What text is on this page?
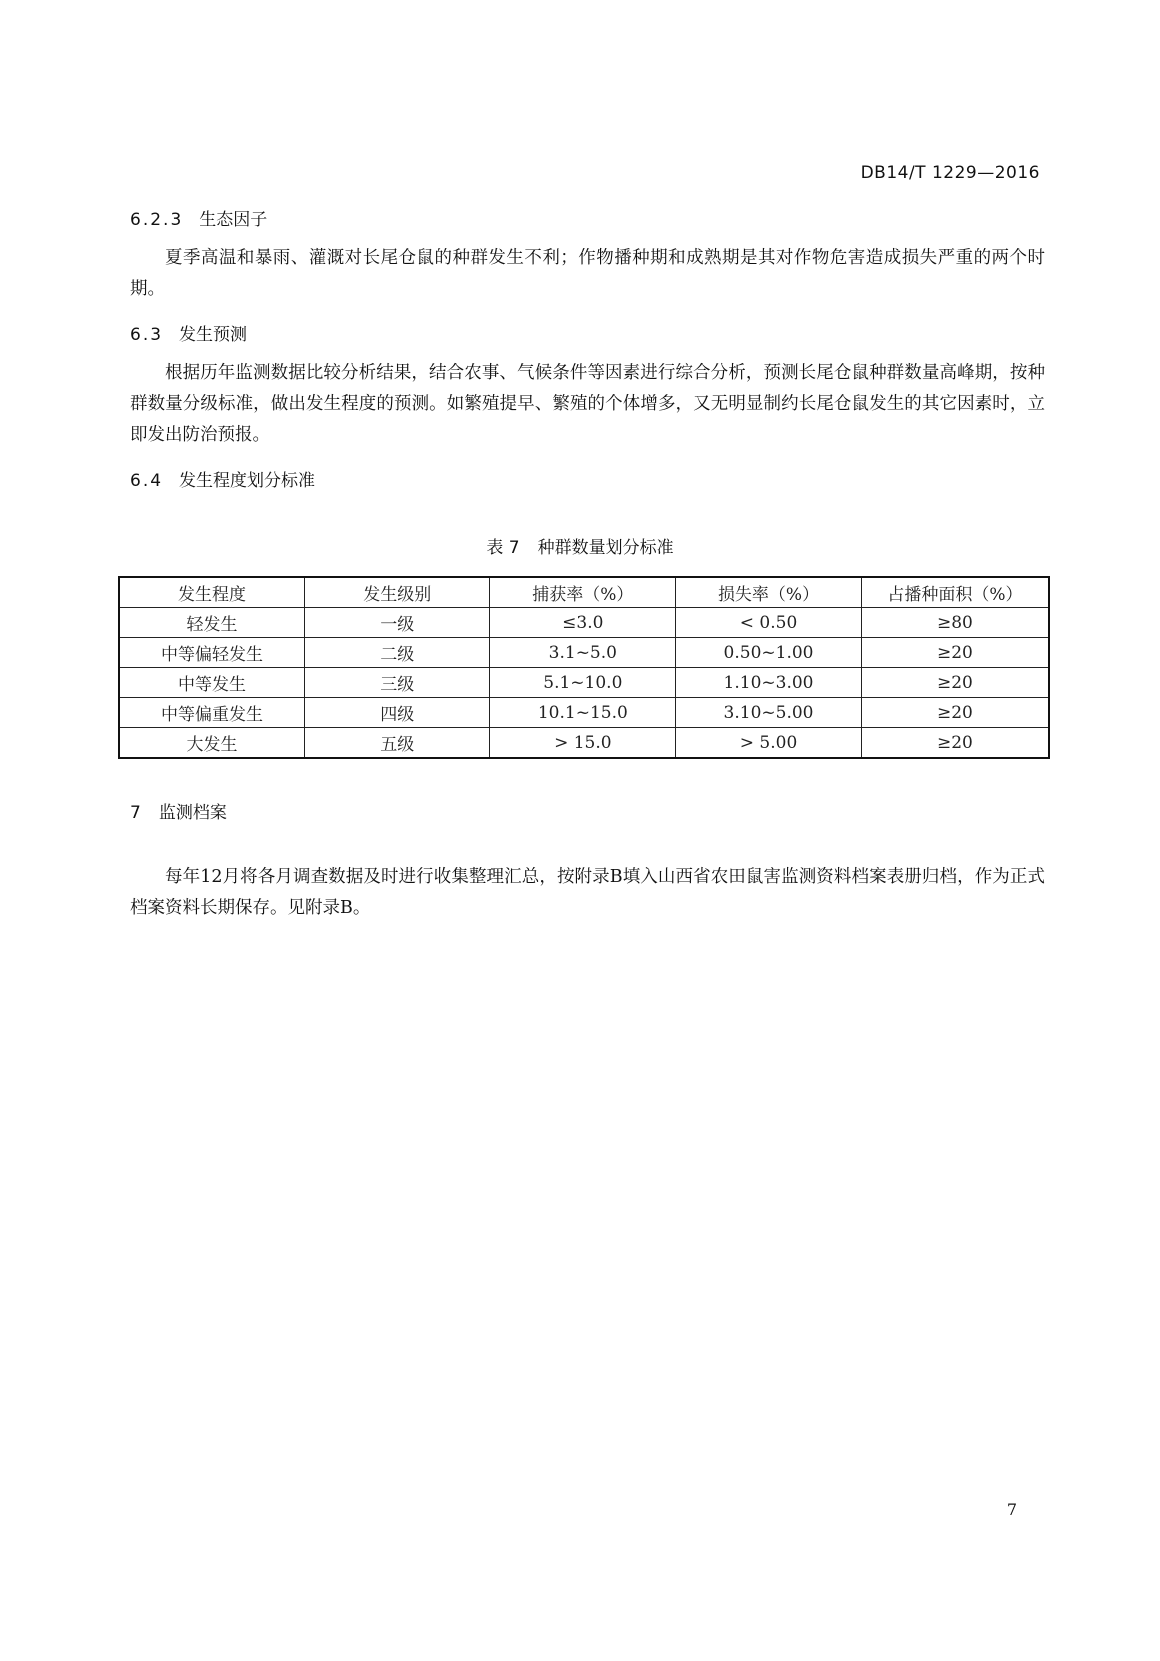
DB14/T 1229—2016
6.2.3 生态因子
夏季高温和暴雨、灌溉对长尾仓鼠的种群发生不利；作物播种期和成熟期是其对作物危害造成损失严重的两个时期。
6.3 发生预测
根据历年监测数据比较分析结果，结合农事、气候条件等因素进行综合分析，预测长尾仓鼠种群数量高峰期，按种群数量分级标准，做出发生程度的预测。如繁殖提早、繁殖的个体增多，又无明显制约长尾仓鼠发生的其它因素时，立即发出防治预报。
6.4 发生程度划分标准
表 7 种群数量划分标准
发生程度	发生级别	捕获率（%）	损失率（%）	占播种面积（%）
轻发生	一级	≤3.0	< 0.50	≥80
中等偏轻发生	二级	3.1~5.0	0.50~1.00	≥20
中等发生	三级	5.1~10.0	1.10~3.00	≥20
中等偏重发生	四级	10.1~15.0	3.10~5.00	≥20
大发生	五级	> 15.0	> 5.00	≥20
7 监测档案
每年12月将各月调查数据及时进行收集整理汇总，按附录B填入山西省农田鼠害监测资料档案表册归档，作为正式档案资料长期保存。见附录B。
7
